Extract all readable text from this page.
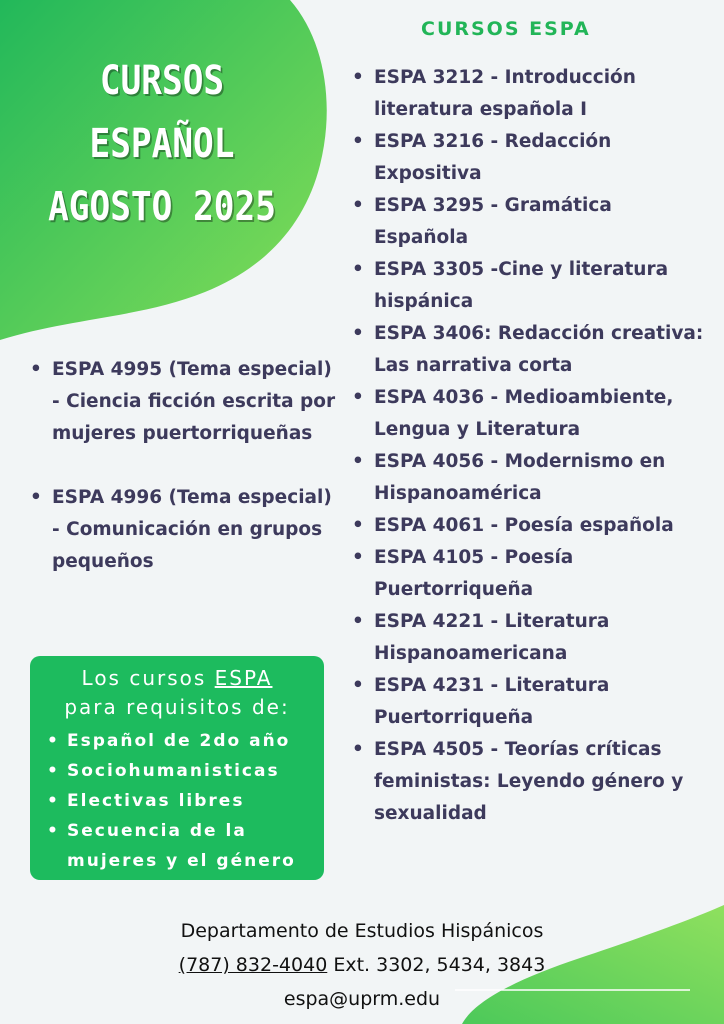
CURSOS
ESPAÑOL
AGOSTO 2025
CURSOS ESPA
• ESPA 3212 - Introducción literatura española I
• ESPA 3216 - Redacción Expositiva
• ESPA 3295 - Gramática Española
• ESPA 3305 -Cine y literatura hispánica
• ESPA 3406: Redacción creativa: Las narrativa corta
• ESPA 4036 - Medioambiente, Lengua y Literatura
• ESPA 4056 - Modernismo en Hispanoamérica
• ESPA 4061 - Poesía española
• ESPA 4105 - Poesía Puertorriqueña
• ESPA 4221 - Literatura Hispanoamericana
• ESPA 4231 - Literatura Puertorriqueña
• ESPA 4505 - Teorías críticas feministas: Leyendo género y sexualidad
• ESPA 4995 (Tema especial) - Ciencia ficción escrita por mujeres puertorriqueñas
• ESPA 4996 (Tema especial) - Comunicación en grupos pequeños
Los cursos ESPA
para requisitos de:
• Español de 2do año
• Sociohumanisticas
• Electivas libres
• Secuencia de la mujeres y el género
Departamento de Estudios Hispánicos
(787) 832-4040 Ext. 3302, 5434, 3843
espa@uprm.edu
